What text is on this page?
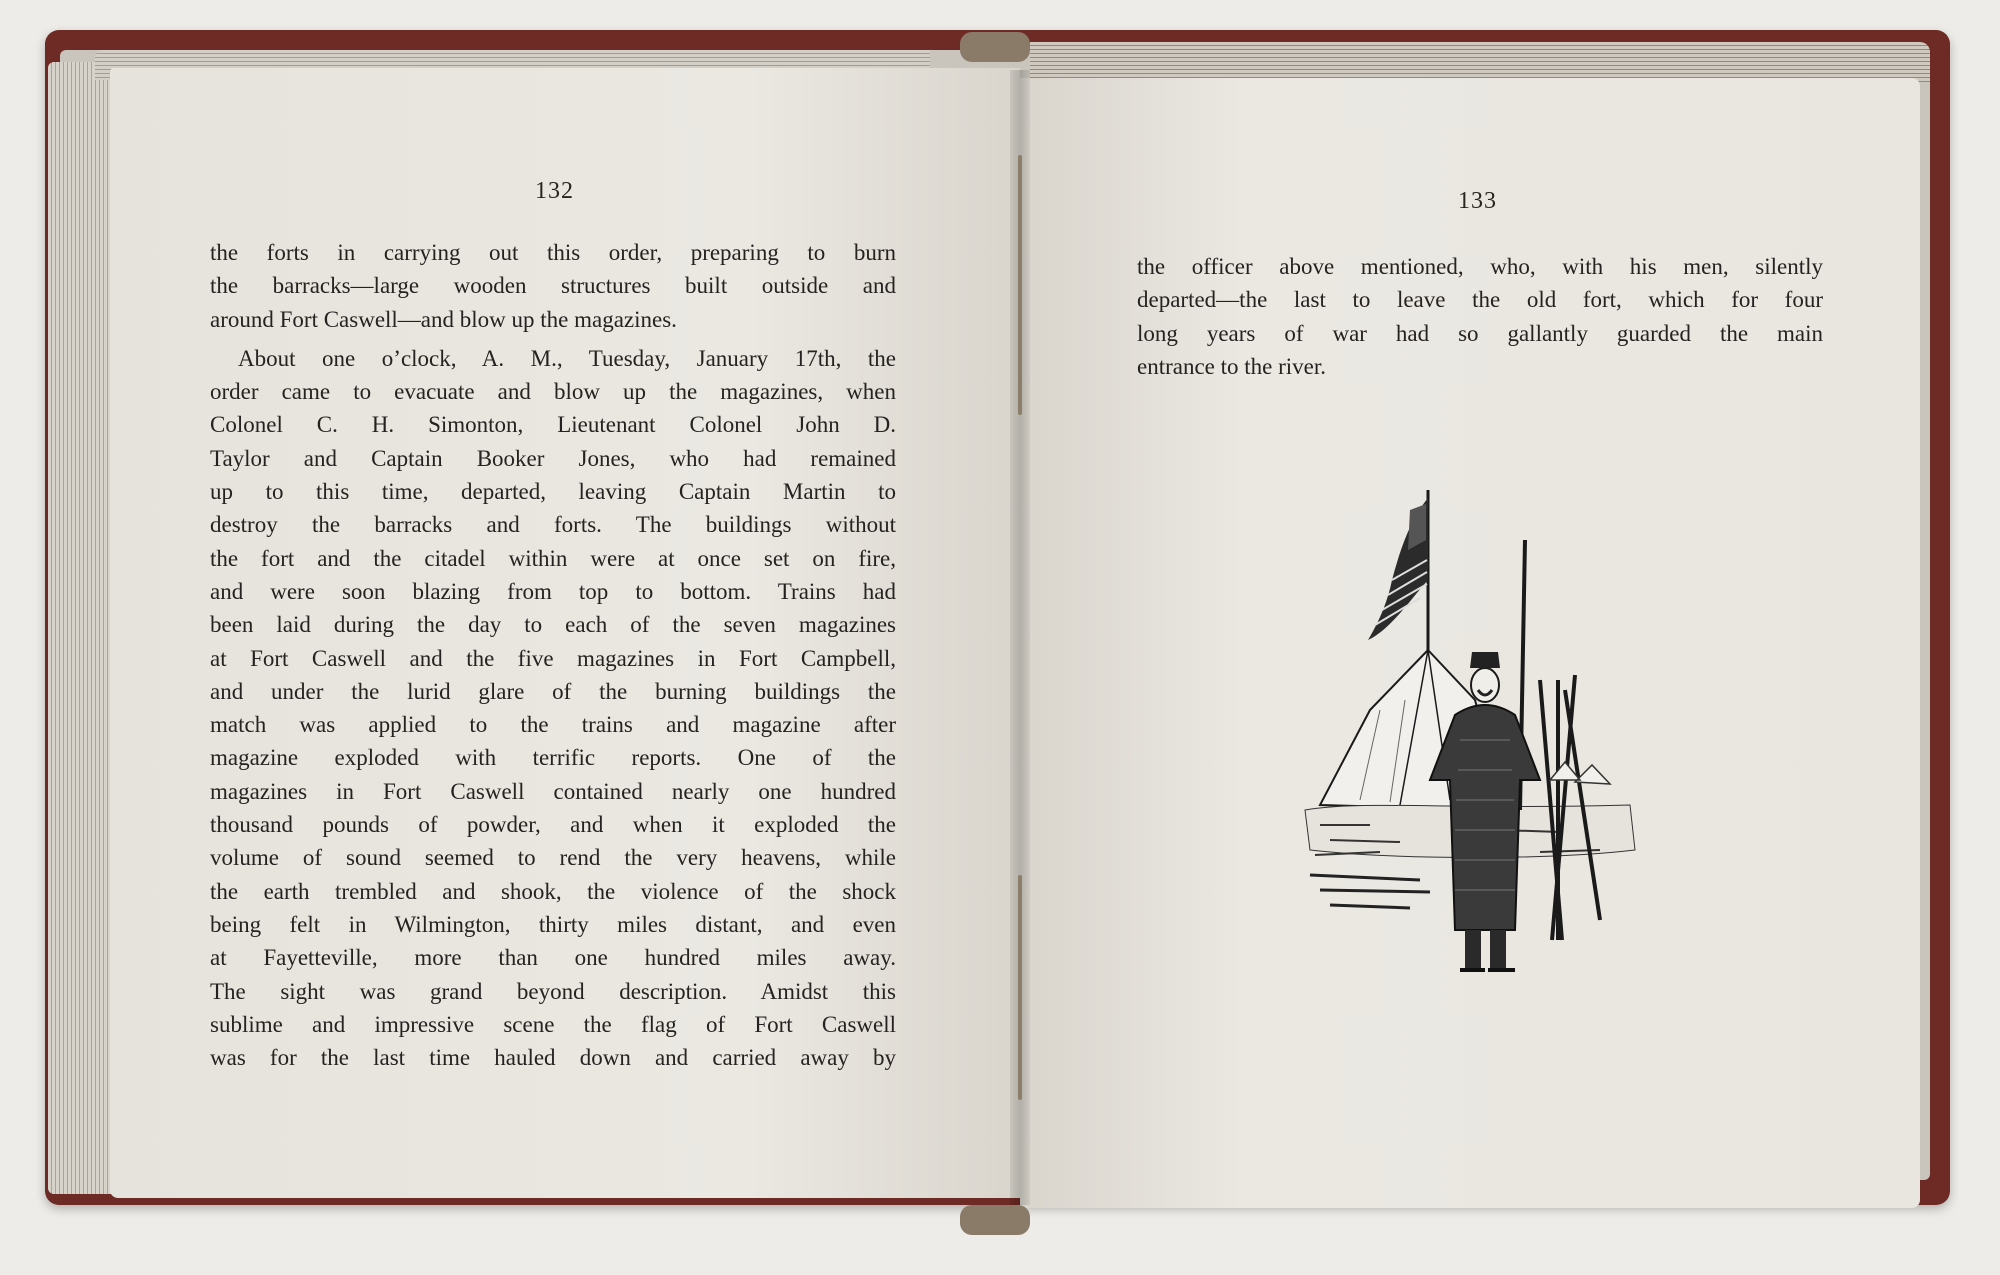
132	133
the forts in carrying out this order, preparing to burn
the barracks—large wooden structures built outside and
around Fort Caswell—and blow up the magazines.
About one o’clock, A. M., Tuesday, January 17th, the
order came to evacuate and blow up the magazines, when
Colonel C. H. Simonton, Lieutenant Colonel John D.
Taylor and Captain Booker Jones, who had remained
up to this time, departed, leaving Captain Martin to
destroy the barracks and forts. The buildings without
the fort and the citadel within were at once set on fire,
and were soon blazing from top to bottom. Trains had
been laid during the day to each of the seven magazines
at Fort Caswell and the five magazines in Fort Campbell,
and under the lurid glare of the burning buildings the
match was applied to the trains and magazine after
magazine exploded with terrific reports. One of the
magazines in Fort Caswell contained nearly one hundred
thousand pounds of powder, and when it exploded the
volume of sound seemed to rend the very heavens, while
the earth trembled and shook, the violence of the shock
being felt in Wilmington, thirty miles distant, and even
at Fayetteville, more than one hundred miles away.
The sight was grand beyond description. Amidst this
sublime and impressive scene the flag of Fort Caswell
was for the last time hauled down and carried away by
the officer above mentioned, who, with his men, silently
departed—the last to leave the old fort, which for four
long years of war had so gallantly guarded the main
entrance to the river.
